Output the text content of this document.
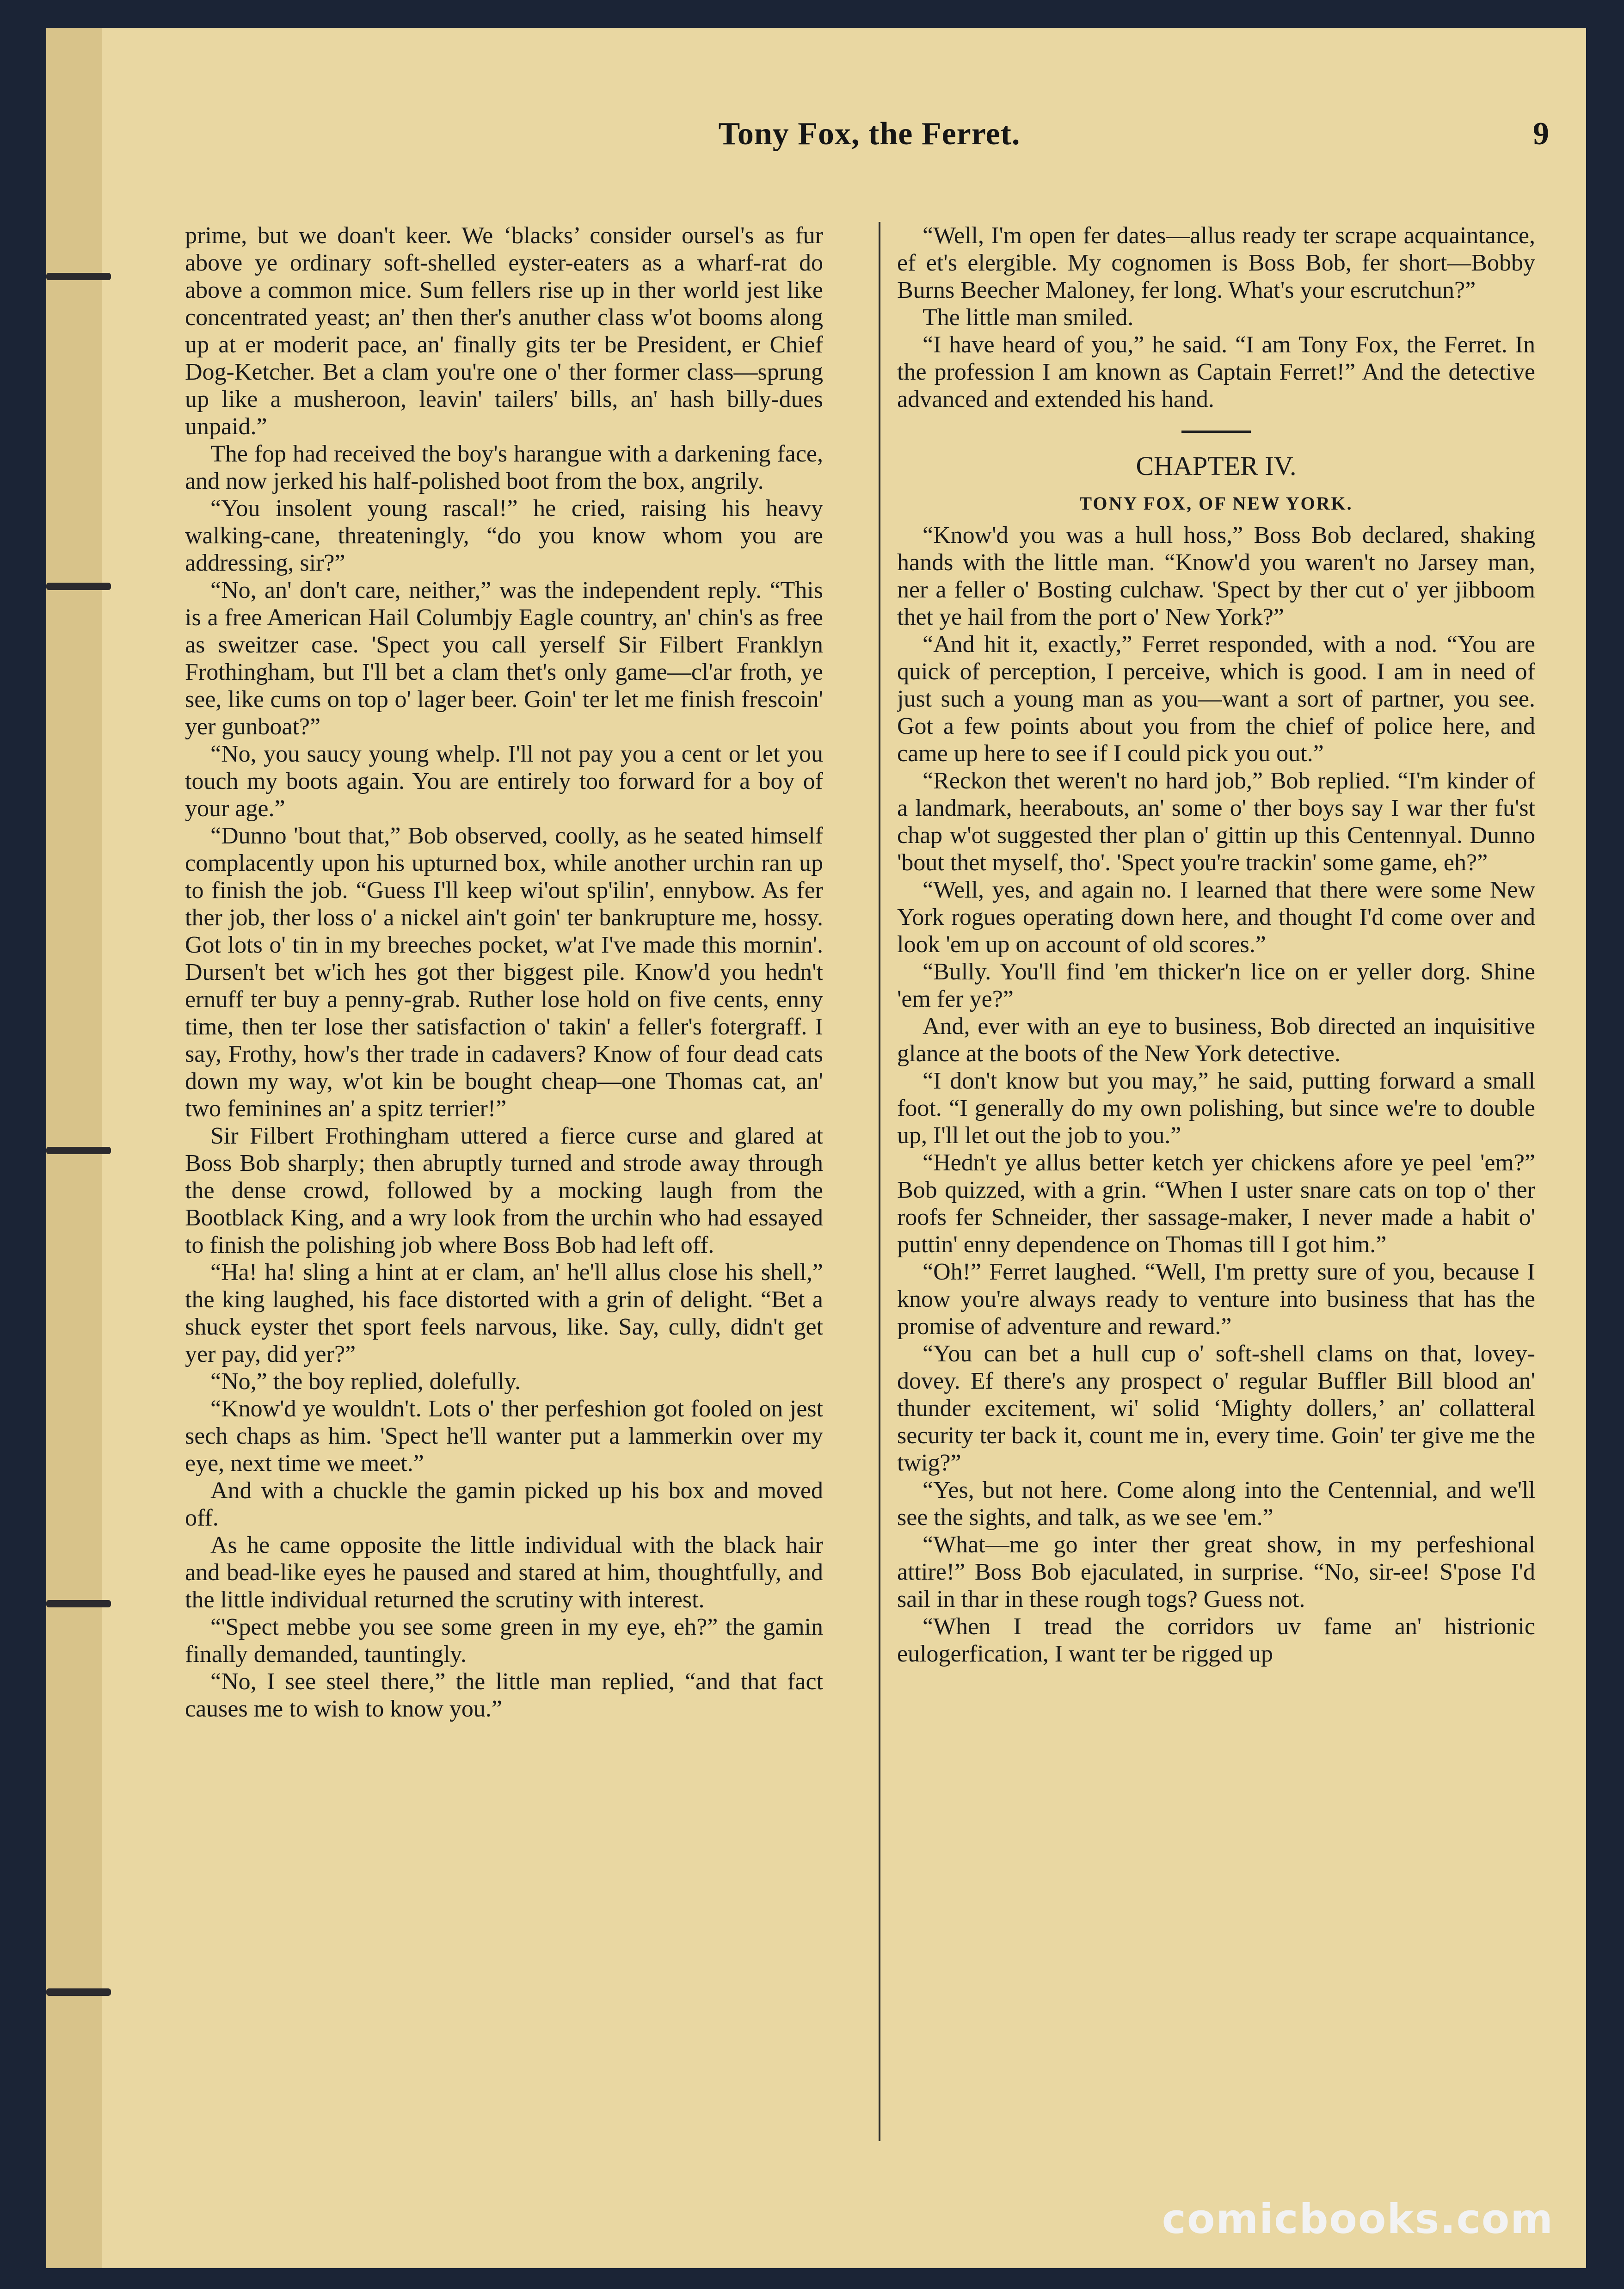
Tony Fox, the Ferret.	9

prime, but we doan't keer. We ‘blacks’ consider oursel's as fur above ye ordinary soft-shelled eyster-eaters as a wharf-rat do above a common mice. Sum fellers rise up in ther world jest like concentrated yeast; an' then ther's anuther class w'ot booms along up at er moderit pace, an' finally gits ter be President, er Chief Dog-Ketcher. Bet a clam you're one o' ther former class—sprung up like a musheroon, leavin' tailers' bills, an' hash billy-dues unpaid.”

The fop had received the boy's harangue with a darkening face, and now jerked his half-polished boot from the box, angrily.

“You insolent young rascal!” he cried, raising his heavy walking-cane, threateningly, “do you know whom you are addressing, sir?”

“No, an' don't care, neither,” was the independent reply. “This is a free American Hail Columbjy Eagle country, an' chin's as free as sweitzer case. 'Spect you call yerself Sir Filbert Franklyn Frothingham, but I'll bet a clam thet's only game—cl'ar froth, ye see, like cums on top o' lager beer. Goin' ter let me finish frescoin' yer gunboat?”

“No, you saucy young whelp. I'll not pay you a cent or let you touch my boots again. You are entirely too forward for a boy of your age.”

“Dunno 'bout that,” Bob observed, coolly, as he seated himself complacently upon his upturned box, while another urchin ran up to finish the job. “Guess I'll keep wi'out sp'ilin', ennybow. As fer ther job, ther loss o' a nickel ain't goin' ter bankrupture me, hossy. Got lots o' tin in my breeches pocket, w'at I've made this mornin'. Dursen't bet w'ich hes got ther biggest pile. Know'd you hedn't ernuff ter buy a penny-grab. Ruther lose hold on five cents, enny time, then ter lose ther satisfaction o' takin' a feller's fotergraff. I say, Frothy, how's ther trade in cadavers? Know of four dead cats down my way, w'ot kin be bought cheap—one Thomas cat, an' two feminines an' a spitz terrier!”

Sir Filbert Frothingham uttered a fierce curse and glared at Boss Bob sharply; then abruptly turned and strode away through the dense crowd, followed by a mocking laugh from the Bootblack King, and a wry look from the urchin who had essayed to finish the polishing job where Boss Bob had left off.

“Ha! ha! sling a hint at er clam, an' he'll allus close his shell,” the king laughed, his face distorted with a grin of delight. “Bet a shuck eyster thet sport feels narvous, like. Say, cully, didn't get yer pay, did yer?”

“No,” the boy replied, dolefully.

“Know'd ye wouldn't. Lots o' ther perfeshion got fooled on jest sech chaps as him. 'Spect he'll wanter put a lammerkin over my eye, next time we meet.”

And with a chuckle the gamin picked up his box and moved off.

As he came opposite the little individual with the black hair and bead-like eyes he paused and stared at him, thoughtfully, and the little individual returned the scrutiny with interest.

“'Spect mebbe you see some green in my eye, eh?” the gamin finally demanded, tauntingly.

“No, I see steel there,” the little man replied, “and that fact causes me to wish to know you.”

“Well, I'm open fer dates—allus ready ter scrape acquaintance, ef et's elergible. My cognomen is Boss Bob, fer short—Bobby Burns Beecher Maloney, fer long. What's your escrutchun?”

The little man smiled.

“I have heard of you,” he said. “I am Tony Fox, the Ferret. In the profession I am known as Captain Ferret!” And the detective advanced and extended his hand.

CHAPTER IV.
TONY FOX, OF NEW YORK.

“Know'd you was a hull hoss,” Boss Bob declared, shaking hands with the little man. “Know'd you waren't no Jarsey man, ner a feller o' Bosting culchaw. 'Spect by ther cut o' yer jibboom thet ye hail from the port o' New York?”

“And hit it, exactly,” Ferret responded, with a nod. “You are quick of perception, I perceive, which is good. I am in need of just such a young man as you—want a sort of partner, you see. Got a few points about you from the chief of police here, and came up here to see if I could pick you out.”

“Reckon thet weren't no hard job,” Bob replied. “I'm kinder of a landmark, heerabouts, an' some o' ther boys say I war ther fu'st chap w'ot suggested ther plan o' gittin up this Centennyal. Dunno 'bout thet myself, tho'. 'Spect you're trackin' some game, eh?”

“Well, yes, and again no. I learned that there were some New York rogues operating down here, and thought I'd come over and look 'em up on account of old scores.”

“Bully. You'll find 'em thicker'n lice on er yeller dorg. Shine 'em fer ye?”

And, ever with an eye to business, Bob directed an inquisitive glance at the boots of the New York detective.

“I don't know but you may,” he said, putting forward a small foot. “I generally do my own polishing, but since we're to double up, I'll let out the job to you.”

“Hedn't ye allus better ketch yer chickens afore ye peel 'em?” Bob quizzed, with a grin. “When I uster snare cats on top o' ther roofs fer Schneider, ther sassage-maker, I never made a habit o' puttin' enny dependence on Thomas till I got him.”

“Oh!” Ferret laughed. “Well, I'm pretty sure of you, because I know you're always ready to venture into business that has the promise of adventure and reward.”

“You can bet a hull cup o' soft-shell clams on that, lovey-dovey. Ef there's any prospect o' regular Buffler Bill blood an' thunder excitement, wi' solid ‘Mighty dollers,’ an' collatteral security ter back it, count me in, every time. Goin' ter give me the twig?”

“Yes, but not here. Come along into the Centennial, and we'll see the sights, and talk, as we see 'em.”

“What—me go inter ther great show, in my perfeshional attire!” Boss Bob ejaculated, in surprise. “No, sir-ee! S'pose I'd sail in thar in these rough togs? Guess not.

“When I tread the corridors uv fame an' histrionic eulogerfication, I want ter be rigged up

comicbooks.com
